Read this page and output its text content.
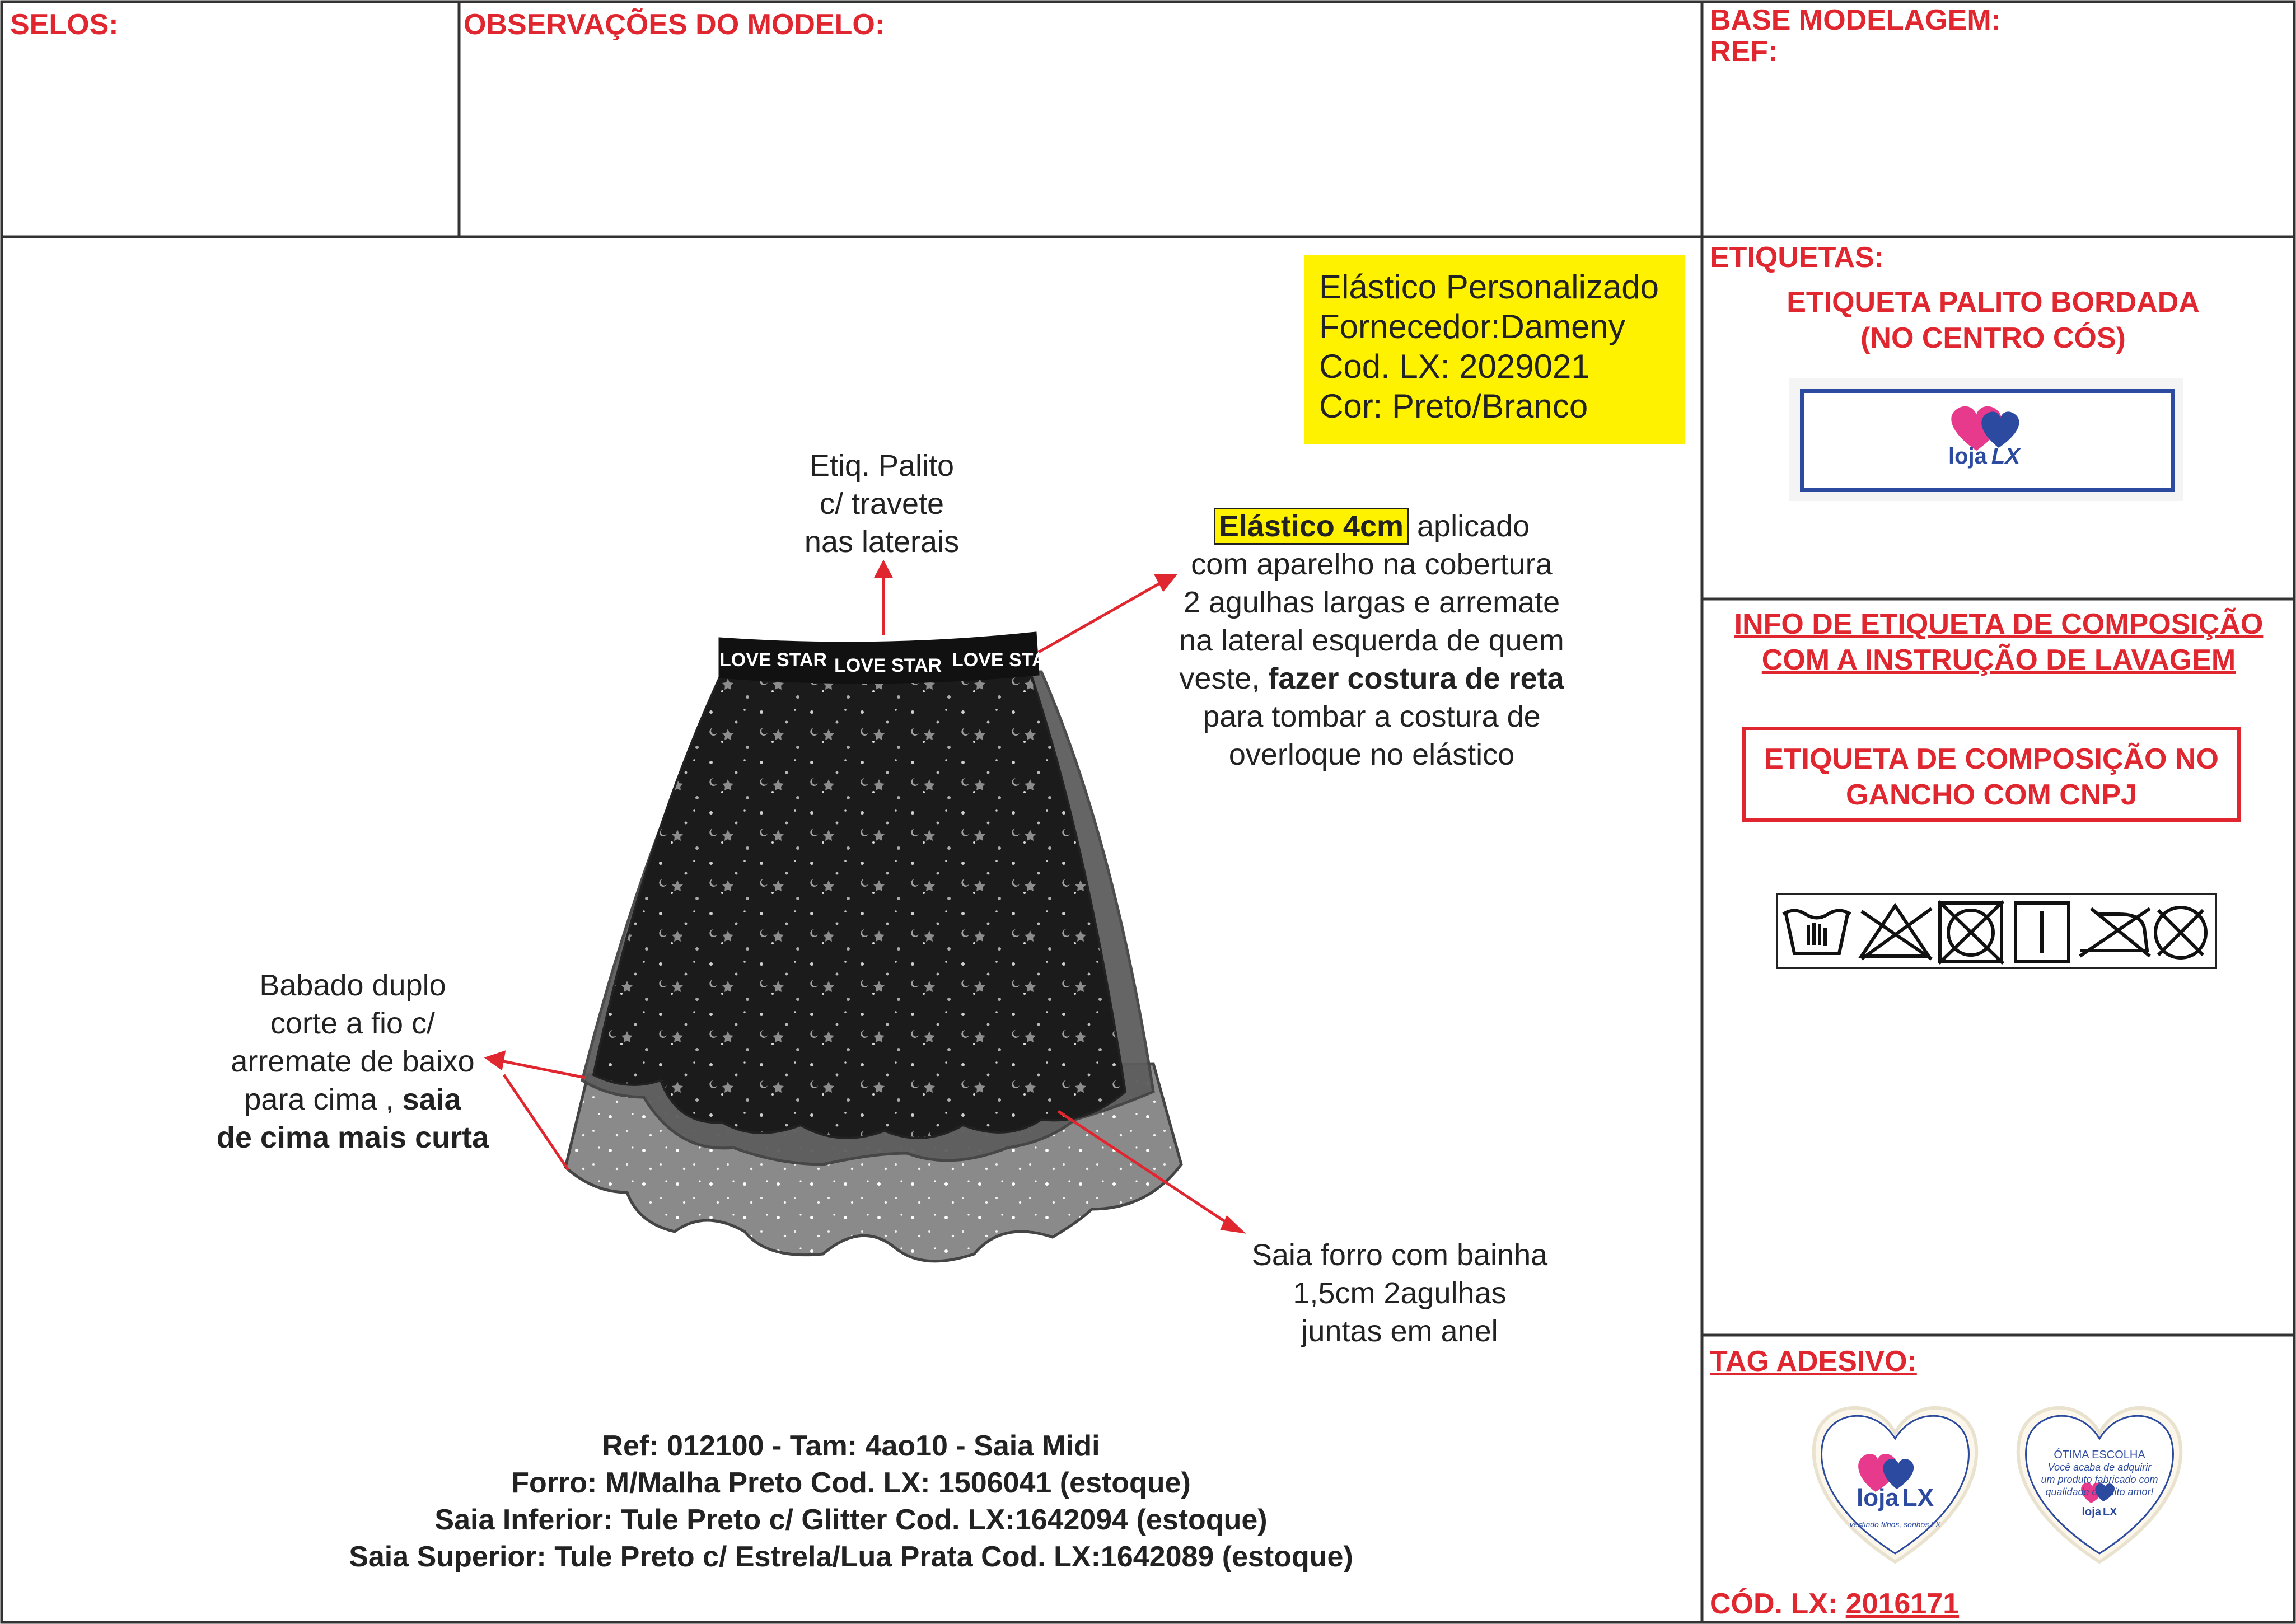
SELOS:	OBSERVAÇÕES DO MODELO:	BASE MODELAGEM:
REF:
ETIQUETAS:
ETIQUETA PALITO BORDADA
(NO CENTRO CÓS)
loja LX
INFO DE ETIQUETA DE COMPOSIÇÃO
COM A INSTRUÇÃO DE LAVAGEM
ETIQUETA DE COMPOSIÇÃO NO
GANCHO COM CNPJ
TAG ADESIVO:
loja LX
vestindo filhos, sonhos LX
ÓTIMA ESCOLHA
Você acaba de adquirir
um produto fabricado com
qualidade e muito amor!
loja LX
CÓD. LX: 2016171
Elástico Personalizado
Fornecedor:Dameny
Cod. LX: 2029021
Cor: Preto/Branco
LOVE STAR LOVE STAR LOVE STAR
Etiq. Palito
c/ travete
nas laterais	Elástico 4cm aplicado
com aparelho na cobertura
2 agulhas largas e arremate
na lateral esquerda de quem
veste, fazer costura de reta
para tombar a costura de
overloque no elástico
Babado duplo
corte a fio c/
arremate de baixo
para cima , saia
de cima mais curta
Saia forro com bainha
1,5cm 2agulhas
juntas em anel
Ref: 012100 - Tam: 4ao10 - Saia Midi
Forro: M/Malha Preto Cod. LX: 1506041 (estoque)
Saia Inferior: Tule Preto c/ Glitter Cod. LX:1642094 (estoque)
Saia Superior: Tule Preto c/ Estrela/Lua Prata Cod. LX:1642089 (estoque)
